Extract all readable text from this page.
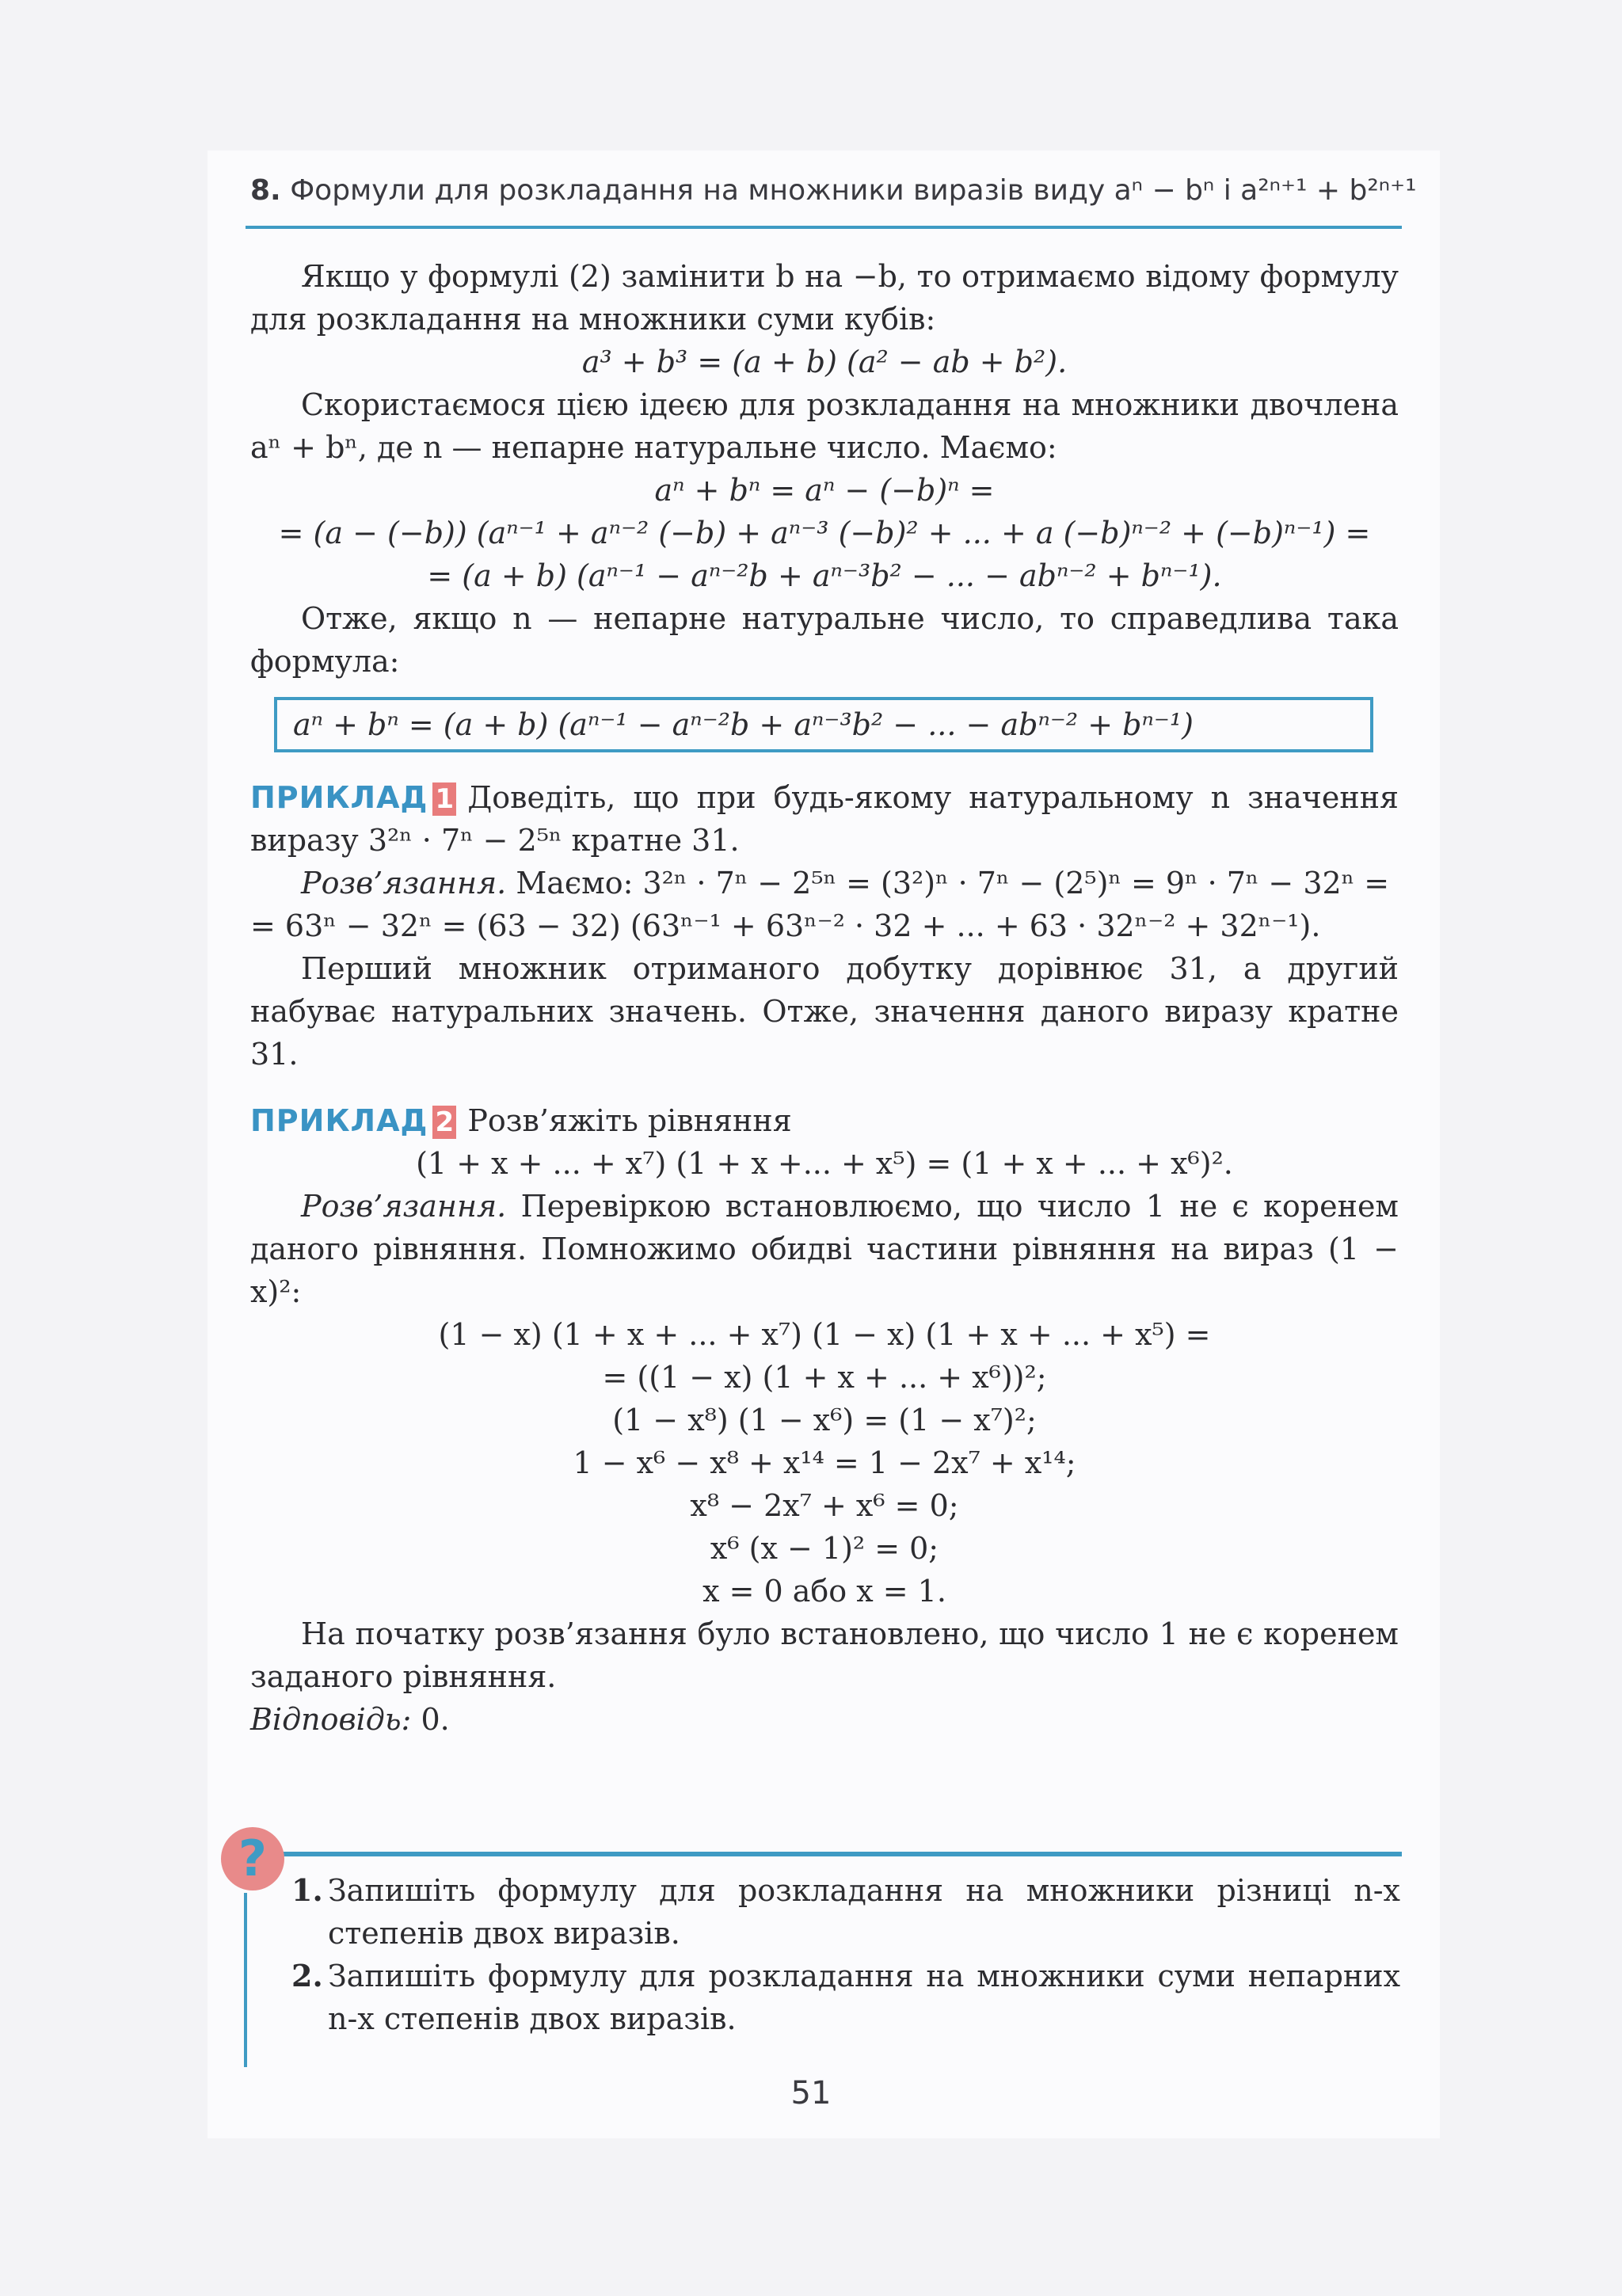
8. Формули для розкладання на множники виразів виду aⁿ − bⁿ і a²ⁿ⁺¹ + b²ⁿ⁺¹

Якщо у формулі (2) замінити b на −b, то отримаємо відому формулу для розкладання на множники суми кубів:

a³ + b³ = (a + b) (a² − ab + b²).

Скористаємося цією ідеєю для розкладання на множники двочлена aⁿ + bⁿ, де n — непарне натуральне число. Маємо:

aⁿ + bⁿ = aⁿ − (−b)ⁿ =
= (a − (−b)) (aⁿ⁻¹ + aⁿ⁻² (−b) + aⁿ⁻³ (−b)² + ... + a (−b)ⁿ⁻² + (−b)ⁿ⁻¹) =
= (a + b) (aⁿ⁻¹ − aⁿ⁻²b + aⁿ⁻³b² − ... − abⁿ⁻² + bⁿ⁻¹).

Отже, якщо n — непарне натуральне число, то справедлива така формула:

aⁿ + bⁿ = (a + b) (aⁿ⁻¹ − aⁿ⁻²b + aⁿ⁻³b² − ... − abⁿ⁻² + bⁿ⁻¹)

ПРИКЛАД 1 Доведіть, що при будь-якому натуральному n значення виразу 3²ⁿ · 7ⁿ − 2⁵ⁿ кратне 31.

Розв’язання. Маємо: 3²ⁿ · 7ⁿ − 2⁵ⁿ = (3²)ⁿ · 7ⁿ − (2⁵)ⁿ = 9ⁿ · 7ⁿ − 32ⁿ =

= 63ⁿ − 32ⁿ = (63 − 32) (63ⁿ⁻¹ + 63ⁿ⁻² · 32 + ... + 63 · 32ⁿ⁻² + 32ⁿ⁻¹).

Перший множник отриманого добутку дорівнює 31, а другий набуває натуральних значень. Отже, значення даного виразу кратне 31.

ПРИКЛАД 2 Розв’яжіть рівняння

(1 + x + ... + x⁷) (1 + x +... + x⁵) = (1 + x + ... + x⁶)².

Розв’язання. Перевіркою встановлюємо, що число 1 не є коренем даного рівняння. Помножимо обидві частини рівняння на вираз (1 − x)²:

(1 − x) (1 + x + ... + x⁷) (1 − x) (1 + x + ... + x⁵) =
= ((1 − x) (1 + x + ... + x⁶))²;
(1 − x⁸) (1 − x⁶) = (1 − x⁷)²;
1 − x⁶ − x⁸ + x¹⁴ = 1 − 2x⁷ + x¹⁴;
x⁸ − 2x⁷ + x⁶ = 0;
x⁶ (x − 1)² = 0;
x = 0 або x = 1.

На початку розв’язання було встановлено, що число 1 не є коренем заданого рівняння.

Відповідь: 0.

?
1. Запишіть формулу для розкладання на множники різниці n-х степенів двох виразів.
2. Запишіть формулу для розкладання на множники суми непарних n-х степенів двох виразів.
51
